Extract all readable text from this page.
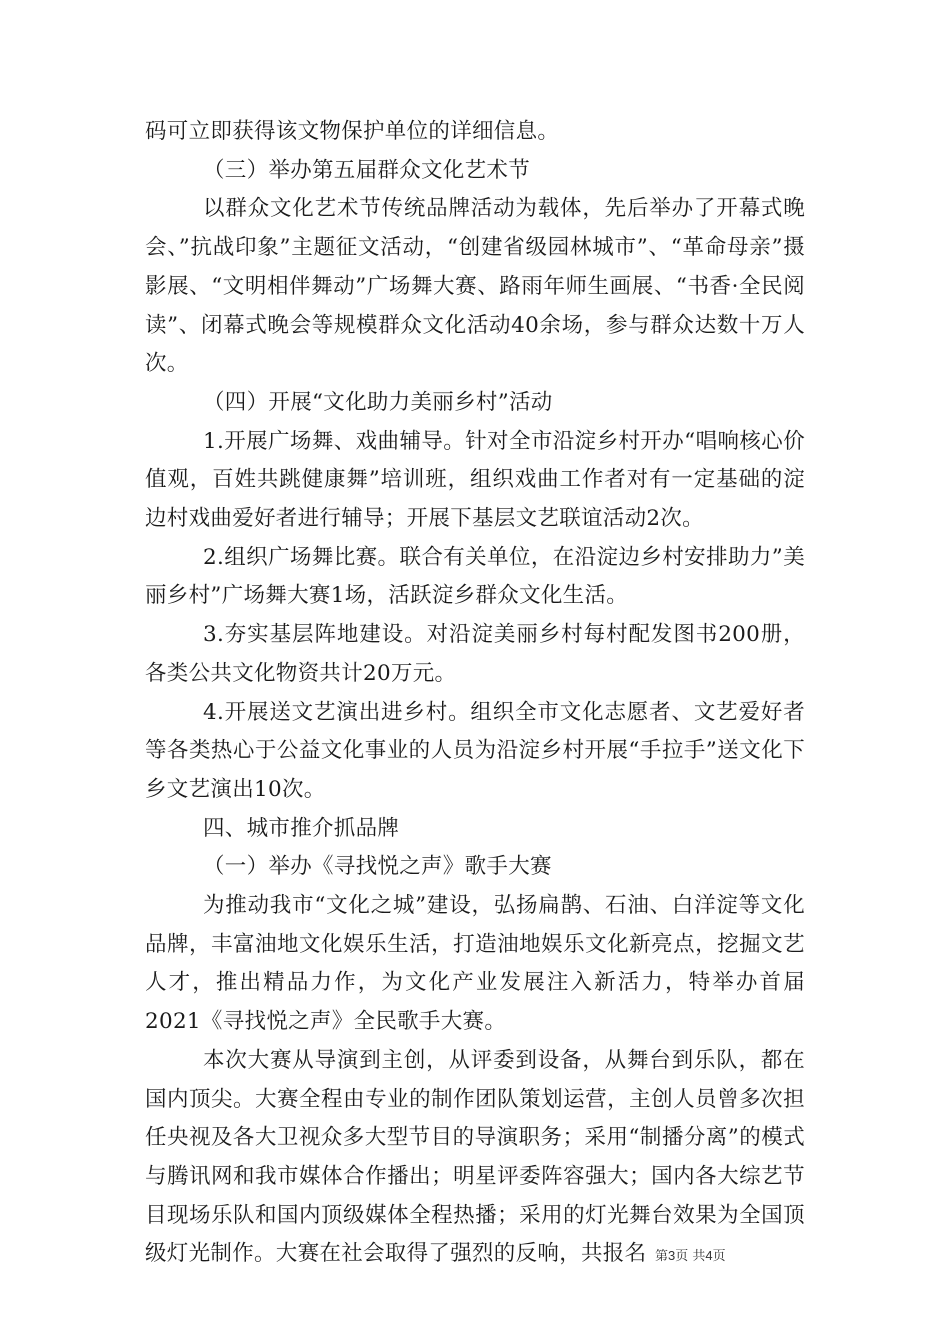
码可立即获得该文物保护单位的详细信息。

（三）举办第五届群众文化艺术节

以群众文化艺术节传统品牌活动为载体，先后举办了开幕式晚会、”抗战印象”主题征文活动，“创建省级园林城市”、“革命母亲”摄影展、“文明相伴舞动”广场舞大赛、路雨年师生画展、“书香·全民阅读”、闭幕式晚会等规模群众文化活动40余场，参与群众达数十万人次。

（四）开展“文化助力美丽乡村”活动

1.开展广场舞、戏曲辅导。针对全市沿淀乡村开办“唱响核心价值观，百姓共跳健康舞”培训班，组织戏曲工作者对有一定基础的淀边村戏曲爱好者进行辅导；开展下基层文艺联谊活动2次。

2.组织广场舞比赛。联合有关单位，在沿淀边乡村安排助力”美丽乡村”广场舞大赛1场，活跃淀乡群众文化生活。

3.夯实基层阵地建设。对沿淀美丽乡村每村配发图书200册，各类公共文化物资共计20万元。

4.开展送文艺演出进乡村。组织全市文化志愿者、文艺爱好者等各类热心于公益文化事业的人员为沿淀乡村开展“手拉手”送文化下乡文艺演出10次。

四、城市推介抓品牌

（一）举办《寻找悦之声》歌手大赛

为推动我市“文化之城”建设，弘扬扁鹊、石油、白洋淀等文化品牌，丰富油地文化娱乐生活，打造油地娱乐文化新亮点，挖掘文艺人才，推出精品力作，为文化产业发展注入新活力，特举办首届2021《寻找悦之声》全民歌手大赛。

本次大赛从导演到主创，从评委到设备，从舞台到乐队，都在国内顶尖。大赛全程由专业的制作团队策划运营，主创人员曾多次担任央视及各大卫视众多大型节目的导演职务；采用“制播分离”的模式与腾讯网和我市媒体合作播出；明星评委阵容强大；国内各大综艺节目现场乐队和国内顶级媒体全程热播；采用的灯光舞台效果为全国顶级灯光制作。大赛在社会取得了强烈的反响，共报名 第3页 共4页
